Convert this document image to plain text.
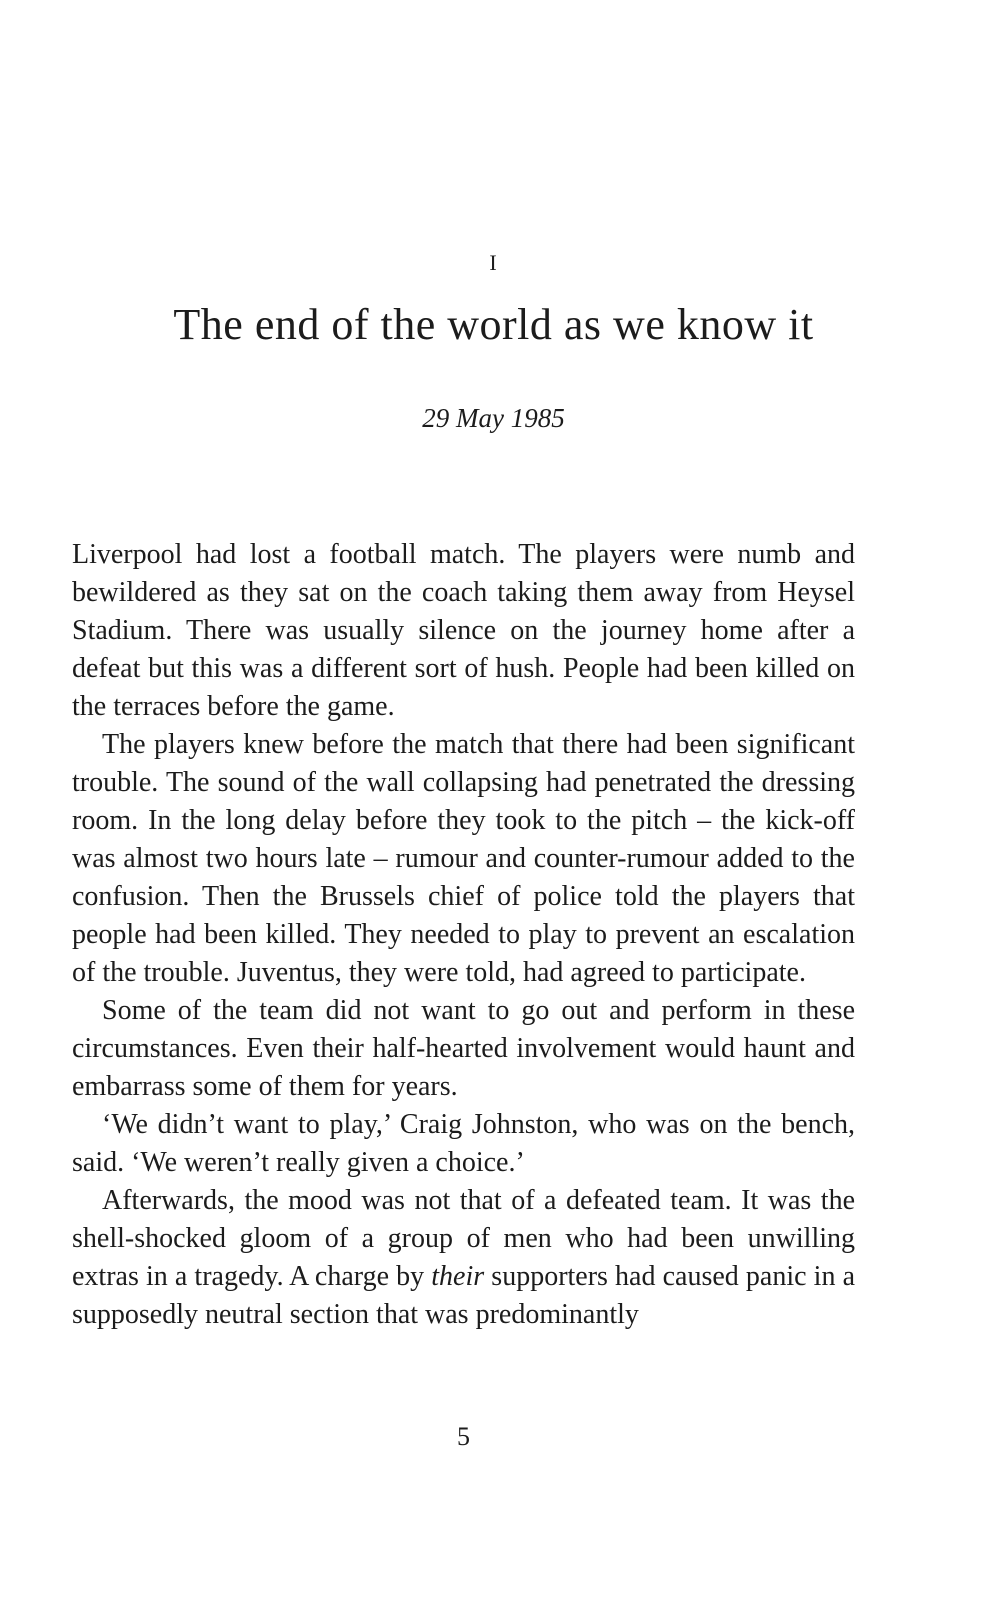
I
The end of the world as we know it
29 May 1985

Liverpool had lost a football match. The players were numb and bewildered as they sat on the coach taking them away from Heysel Stadium. There was usually silence on the journey home after a defeat but this was a different sort of hush. People had been killed on the terraces before the game.

The players knew before the match that there had been significant trouble. The sound of the wall collapsing had penetrated the dressing room. In the long delay before they took to the pitch – the kick-off was almost two hours late – rumour and counter-rumour added to the confusion. Then the Brussels chief of police told the players that people had been killed. They needed to play to prevent an escalation of the trouble. Juventus, they were told, had agreed to participate.

Some of the team did not want to go out and perform in these circumstances. Even their half-hearted involvement would haunt and embarrass some of them for years.

‘We didn’t want to play,’ Craig Johnston, who was on the bench, said. ‘We weren’t really given a choice.’

Afterwards, the mood was not that of a defeated team. It was the shell-shocked gloom of a group of men who had been unwilling extras in a tragedy. A charge by their supporters had caused panic in a supposedly neutral section that was predominantly

5
